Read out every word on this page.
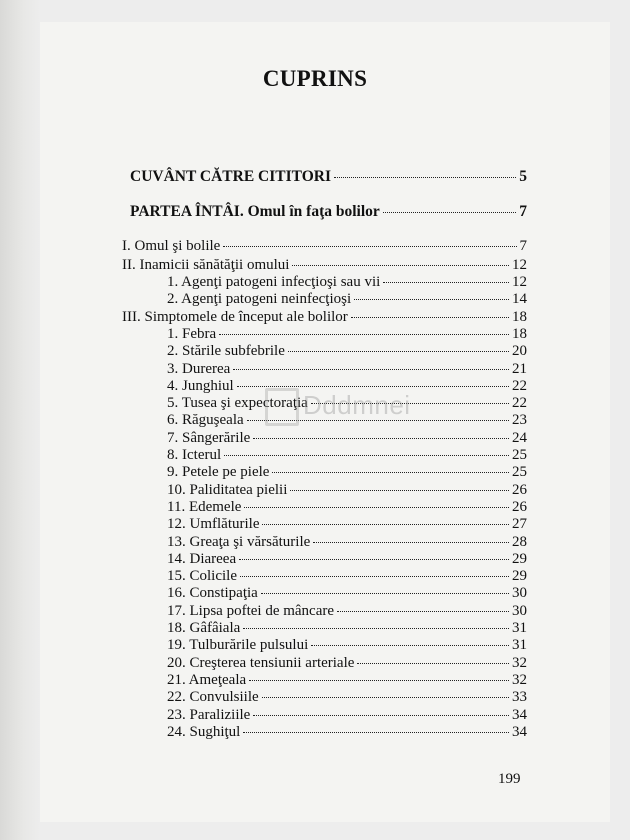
CUPRINS
CUVÂNT CĂTRE CITITORI	5
PARTEA ÎNTÂI. Omul în faţa bolilor	7
I. Omul şi bolile	7
II. Inamicii sănătăţii omului	12
1. Agenţi patogeni infecţioşi sau vii	12
2. Agenţi patogeni neinfecţioşi	14
III. Simptomele de început ale bolilor	18
1. Febra	18
2. Stările subfebrile	20
3. Durerea	21
4. Junghiul	22
5. Tusea şi expectoraţia	22
6. Răguşeala	23
7. Sângerările	24
8. Icterul	25
9. Petele pe piele	25
10. Paliditatea pielii	26
11. Edemele	26
12. Umflăturile	27
13. Greaţa şi vărsăturile	28
14. Diareea	29
15. Colicile	29
16. Constipaţia	30
17. Lipsa poftei de mâncare	30
18. Gâfâiala	31
19. Tulburările pulsului	31
20. Creşterea tensiunii arteriale	32
21. Ameţeala	32
22. Convulsiile	33
23. Paraliziile	34
24. Sughiţul	34
Dddmnei
199
